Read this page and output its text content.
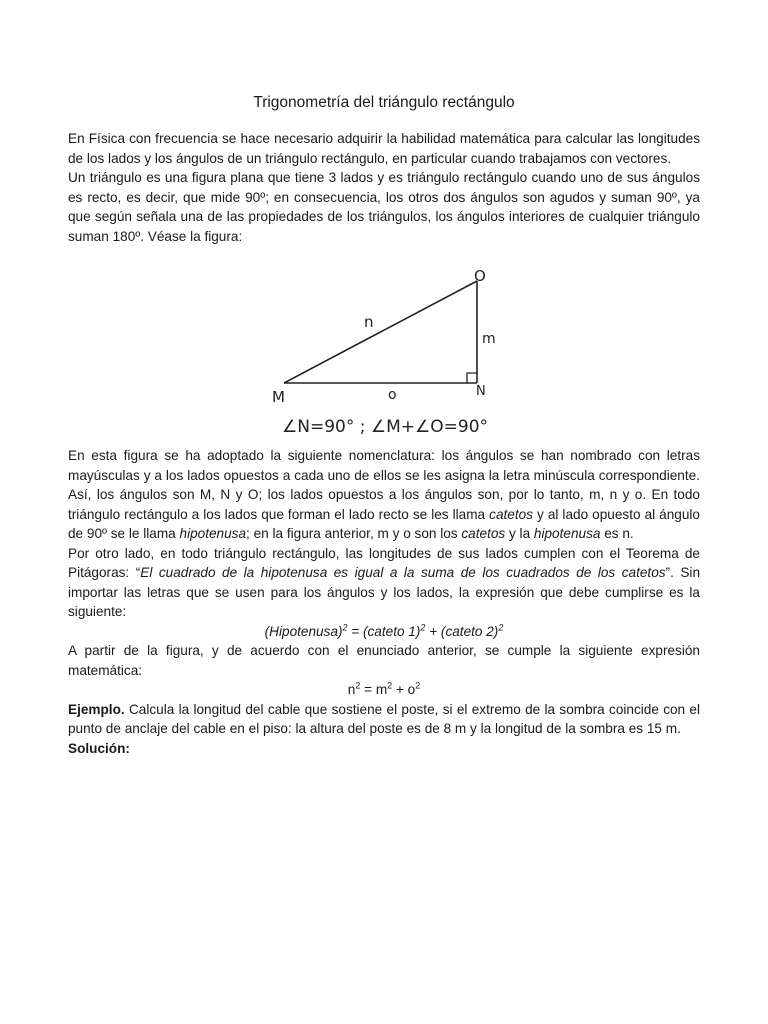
Trigonometría del triángulo rectángulo

En Física con frecuencia se hace necesario adquirir la habilidad matemática para calcular las longitudes de los lados y los ángulos de un triángulo rectángulo, en particular cuando trabajamos con vectores.

Un triángulo es una figura plana que tiene 3 lados y es triángulo rectángulo cuando uno de sus ángulos es recto, es decir, que mide 90º; en consecuencia, los otros dos ángulos son agudos y suman 90º, ya que según señala una de las propiedades de los triángulos, los ángulos interiores de cualquier triángulo suman 180º. Véase la figura:

O
M	N
n
m
o
∠N=90° ; ∠M+∠O=90°

En esta figura se ha adoptado la siguiente nomenclatura: los ángulos se han nombrado con letras mayúsculas y a los lados opuestos a cada uno de ellos se les asigna la letra minúscula correspondiente. Así, los ángulos son M, N y O; los lados opuestos a los ángulos son, por lo tanto, m, n y o. En todo triángulo rectángulo a los lados que forman el lado recto se les llama catetos y al lado opuesto al ángulo de 90º se le llama hipotenusa; en la figura anterior, m y o son los catetos y la hipotenusa es n.

Por otro lado, en todo triángulo rectángulo, las longitudes de sus lados cumplen con el Teorema de Pitágoras: “El cuadrado de la hipotenusa es igual a la suma de los cuadrados de los catetos”. Sin importar las letras que se usen para los ángulos y los lados, la expresión que debe cumplirse es la siguiente:

(Hipotenusa)$^2$ = (cateto 1)$^2$ + (cateto 2)$^2$

A partir de la figura, y de acuerdo con el enunciado anterior, se cumple la siguiente expresión matemática:

$n^2 = m^2 + o^2$

Ejemplo. Calcula la longitud del cable que sostiene el poste, si el extremo de la sombra coincide con el punto de anclaje del cable en el piso: la altura del poste es de 8 m y la longitud de la sombra es 15 m.

Solución:
